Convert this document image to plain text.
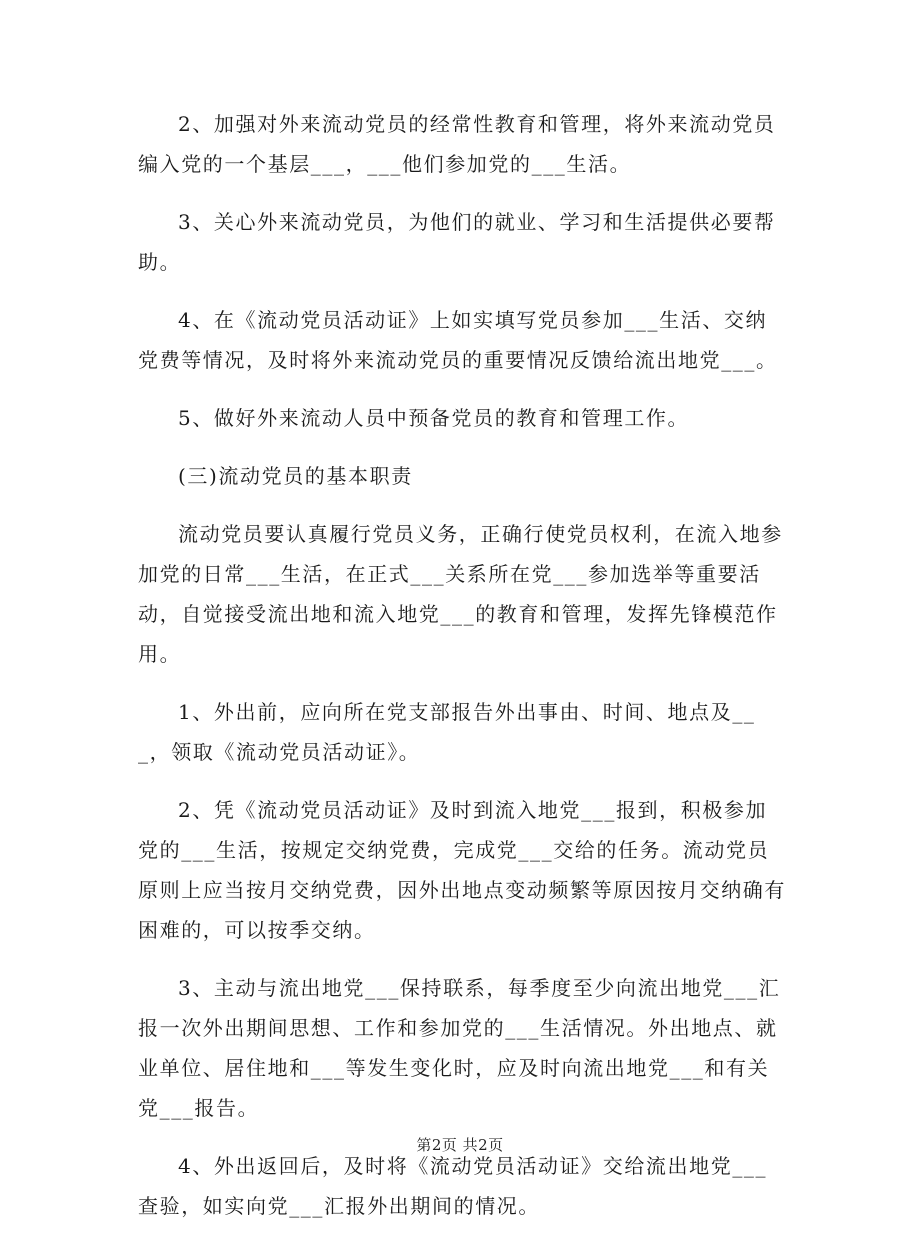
2、加强对外来流动党员的经常性教育和管理，将外来流动党员编入党的一个基层___，___他们参加党的___生活。

3、关心外来流动党员，为他们的就业、学习和生活提供必要帮助。

4、在《流动党员活动证》上如实填写党员参加___生活、交纳党费等情况，及时将外来流动党员的重要情况反馈给流出地党___。

5、做好外来流动人员中预备党员的教育和管理工作。

(三)流动党员的基本职责

流动党员要认真履行党员义务，正确行使党员权利，在流入地参加党的日常___生活，在正式___关系所在党___参加选举等重要活动，自觉接受流出地和流入地党___的教育和管理，发挥先锋模范作用。

1、外出前，应向所在党支部报告外出事由、时间、地点及___，领取《流动党员活动证》。

2、凭《流动党员活动证》及时到流入地党___报到，积极参加党的___生活，按规定交纳党费，完成党___交给的任务。流动党员原则上应当按月交纳党费，因外出地点变动频繁等原因按月交纳确有困难的，可以按季交纳。

3、主动与流出地党___保持联系，每季度至少向流出地党___汇报一次外出期间思想、工作和参加党的___生活情况。外出地点、就业单位、居住地和___等发生变化时，应及时向流出地党___和有关党___报告。

4、外出返回后，及时将《流动党员活动证》交给流出地党___查验，如实向党___汇报外出期间的情况。

第2页 共2页
